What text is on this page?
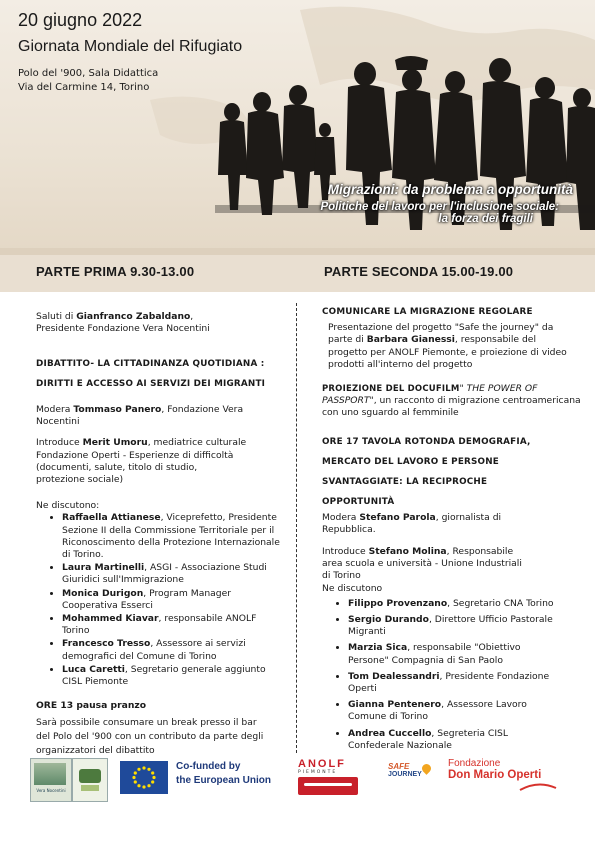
20 giugno 2022
Giornata Mondiale del Rifugiato
Polo del '900, Sala Didattica
Via del Carmine 14, Torino
Migrazioni: da problema a opportunità
Politiche del lavoro per l'inclusione sociale:
la forza dei fragili
PARTE PRIMA 9.30-13.00	PARTE SECONDA 15.00-19.00

Saluti di Gianfranco Zabaldano,
Presidente Fondazione Vera Nocentini

DIBATTITO- LA CITTADINANZA QUOTIDIANA :
DIRITTI E ACCESSO AI SERVIZI DEI MIGRANTI

Modera Tommaso Panero, Fondazione Vera Nocentini

Introduce Merit Umoru, mediatrice culturale Fondazione Operti - Esperienze di difficoltà (documenti, salute, titolo di studio, protezione sociale)

Ne discutono:

• Raffaella Attianese, Viceprefetto, Presidente Sezione II della Commissione Territoriale per il Riconoscimento della Protezione Internazionale di Torino.
• Laura Martinelli, ASGI - Associazione Studi Giuridici sull'Immigrazione
• Monica Durigon, Program Manager Cooperativa Esserci
• Mohammed Kiavar, responsabile ANOLF Torino
• Francesco Tresso, Assessore ai servizi demografici del Comune di Torino
• Luca Caretti, Segretario generale aggiunto CISL Piemonte

ORE 13 pausa pranzo

Sarà possibile consumare un break presso il bar del Polo del '900 con un contributo da parte degli organizzatori del dibattito

COMUNICARE LA MIGRAZIONE REGOLARE

Presentazione del progetto "Safe the journey" da parte di Barbara Gianessi, responsabile del progetto per ANOLF Piemonte, e proiezione di video prodotti all'interno del progetto

PROIEZIONE DEL DOCUFILM" THE POWER OF PASSPORT", un racconto di migrazione centroamericana con uno sguardo al femminile

ORE 17 TAVOLA ROTONDA DEMOGRAFIA,
MERCATO DEL LAVORO E PERSONE
SVANTAGGIATE: LA RECIPROCHE
OPPORTUNITÀ

Modera Stefano Parola, giornalista di Repubblica.

Introduce Stefano Molina, Responsabile area scuola e università - Unione Industriali di Torino

Ne discutono

• Filippo Provenzano, Segretario CNA Torino
• Sergio Durando, Direttore Ufficio Pastorale Migranti
• Marzia Sica, responsabile "Obiettivo Persone" Compagnia di San Paolo
• Tom Dealessandri, Presidente Fondazione Operti
• Gianna Pentenero, Assessore Lavoro Comune di Torino
• Andrea Cuccello, Segreteria CISL Confederale Nazionale
Vera Nocentini
Co-funded by
the European Union
ANOLF
PIEMONTE
SAFE
JOURNEY
Fondazione
Don Mario Operti
